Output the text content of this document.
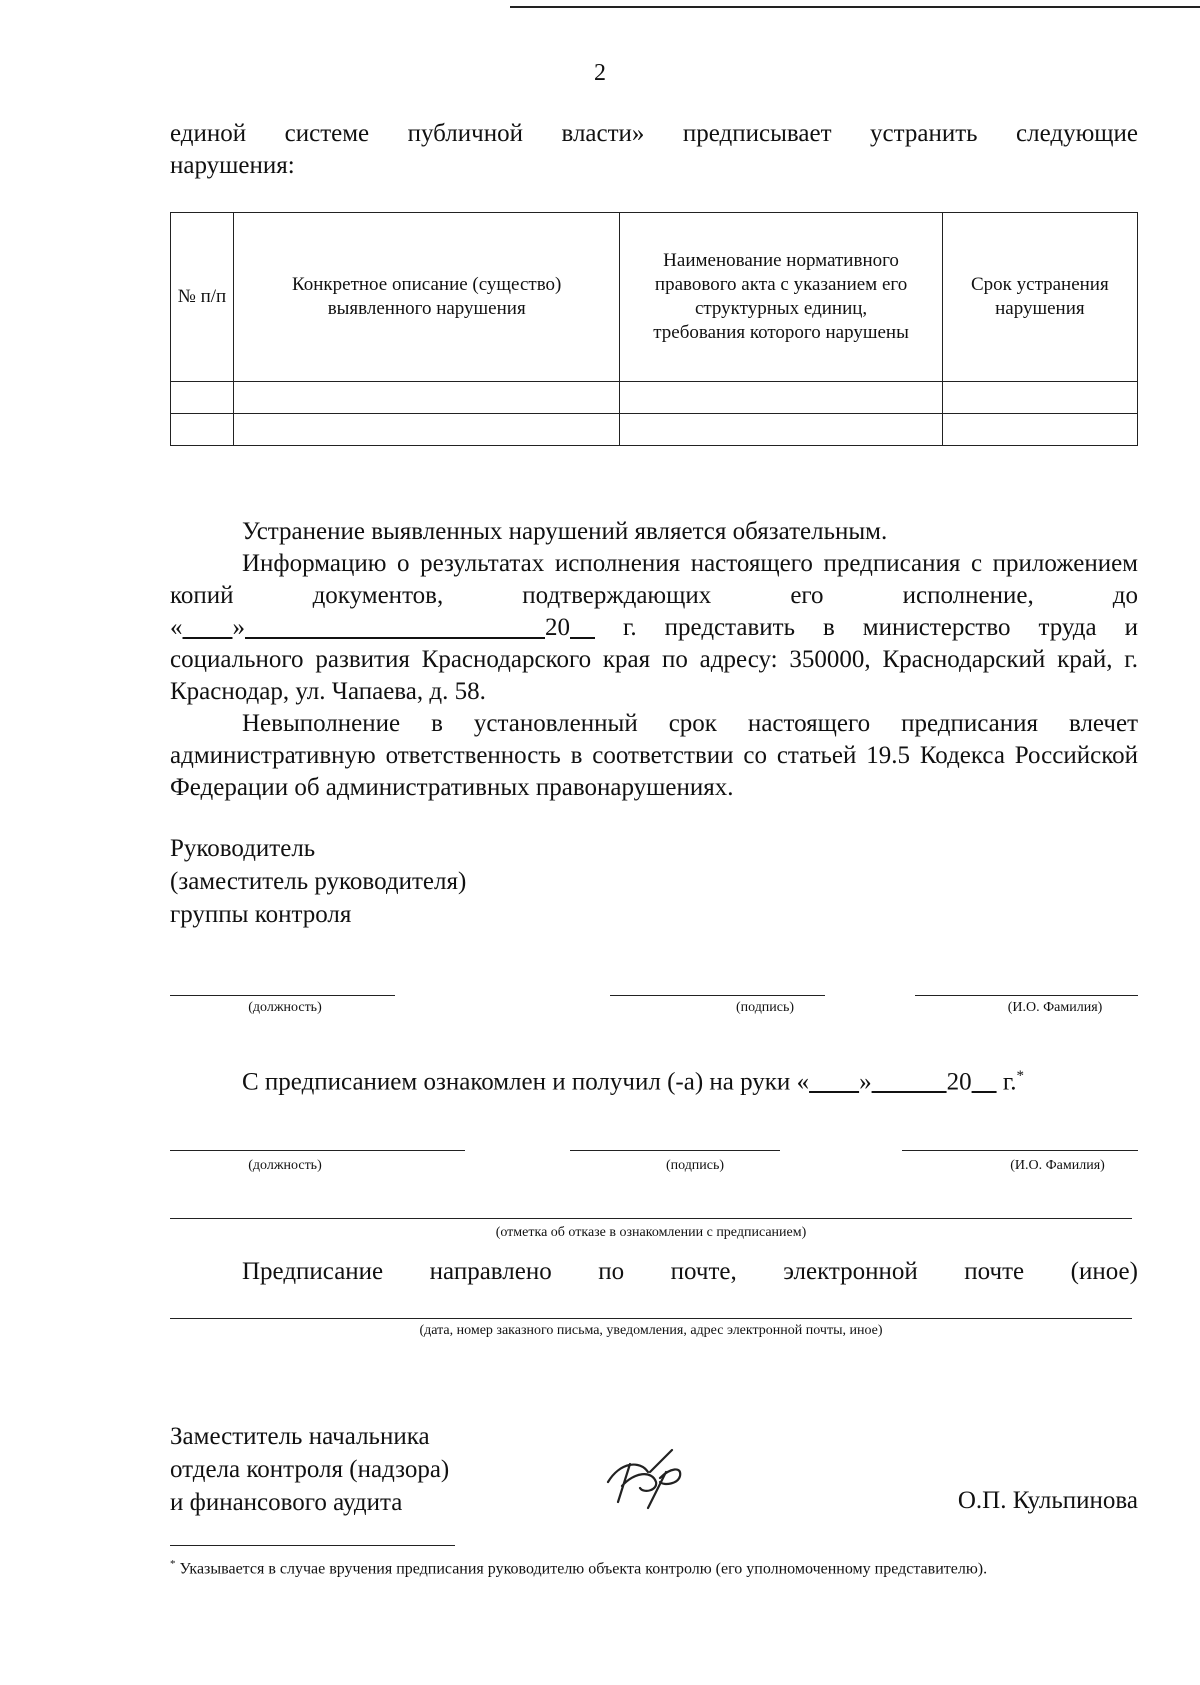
2
единой системе публичной власти» предписывает устранить следующие
нарушения:
№ п/п	Конкретное описание (существо) выявленного нарушения	Наименование нормативного правового акта с указанием его структурных единиц, требования которого нарушены	Срок устранения нарушения

Устранение выявленных нарушений является обязательным.
Информацию о результатах исполнения настоящего предписания с приложением копий документов, подтверждающих его исполнение, до «   »            	20  г. представить в министерство труда и социального развития Краснодарского края по адресу: 350000, Краснодарский край, г. Краснодар, ул. Чапаева, д. 58.
Невыполнение в установленный срок настоящего предписания влечет административную ответственность в соответствии со статьей 19.5 Кодекса Российской Федерации об административных правонарушениях.
Руководитель
(заместитель руководителя)
группы контроля
(должность)	(подпись)	(И.О. Фамилия)
С предписанием ознакомлен и получил (-а) на руки «   »   	20  г.*
(должность)	(подпись)	(И.О. Фамилия)
(отметка об отказе в ознакомлении с предписанием)
Предписание направлено по почте, электронной почте (иное)
(дата, номер заказного письма, уведомления, адрес электронной почты, иное)
Заместитель начальника
отдела контроля (надзора)
и финансового аудита	О.П. Кульпинова
* Указывается в случае вручения предписания руководителю объекта контролю (его уполномоченному представителю).
